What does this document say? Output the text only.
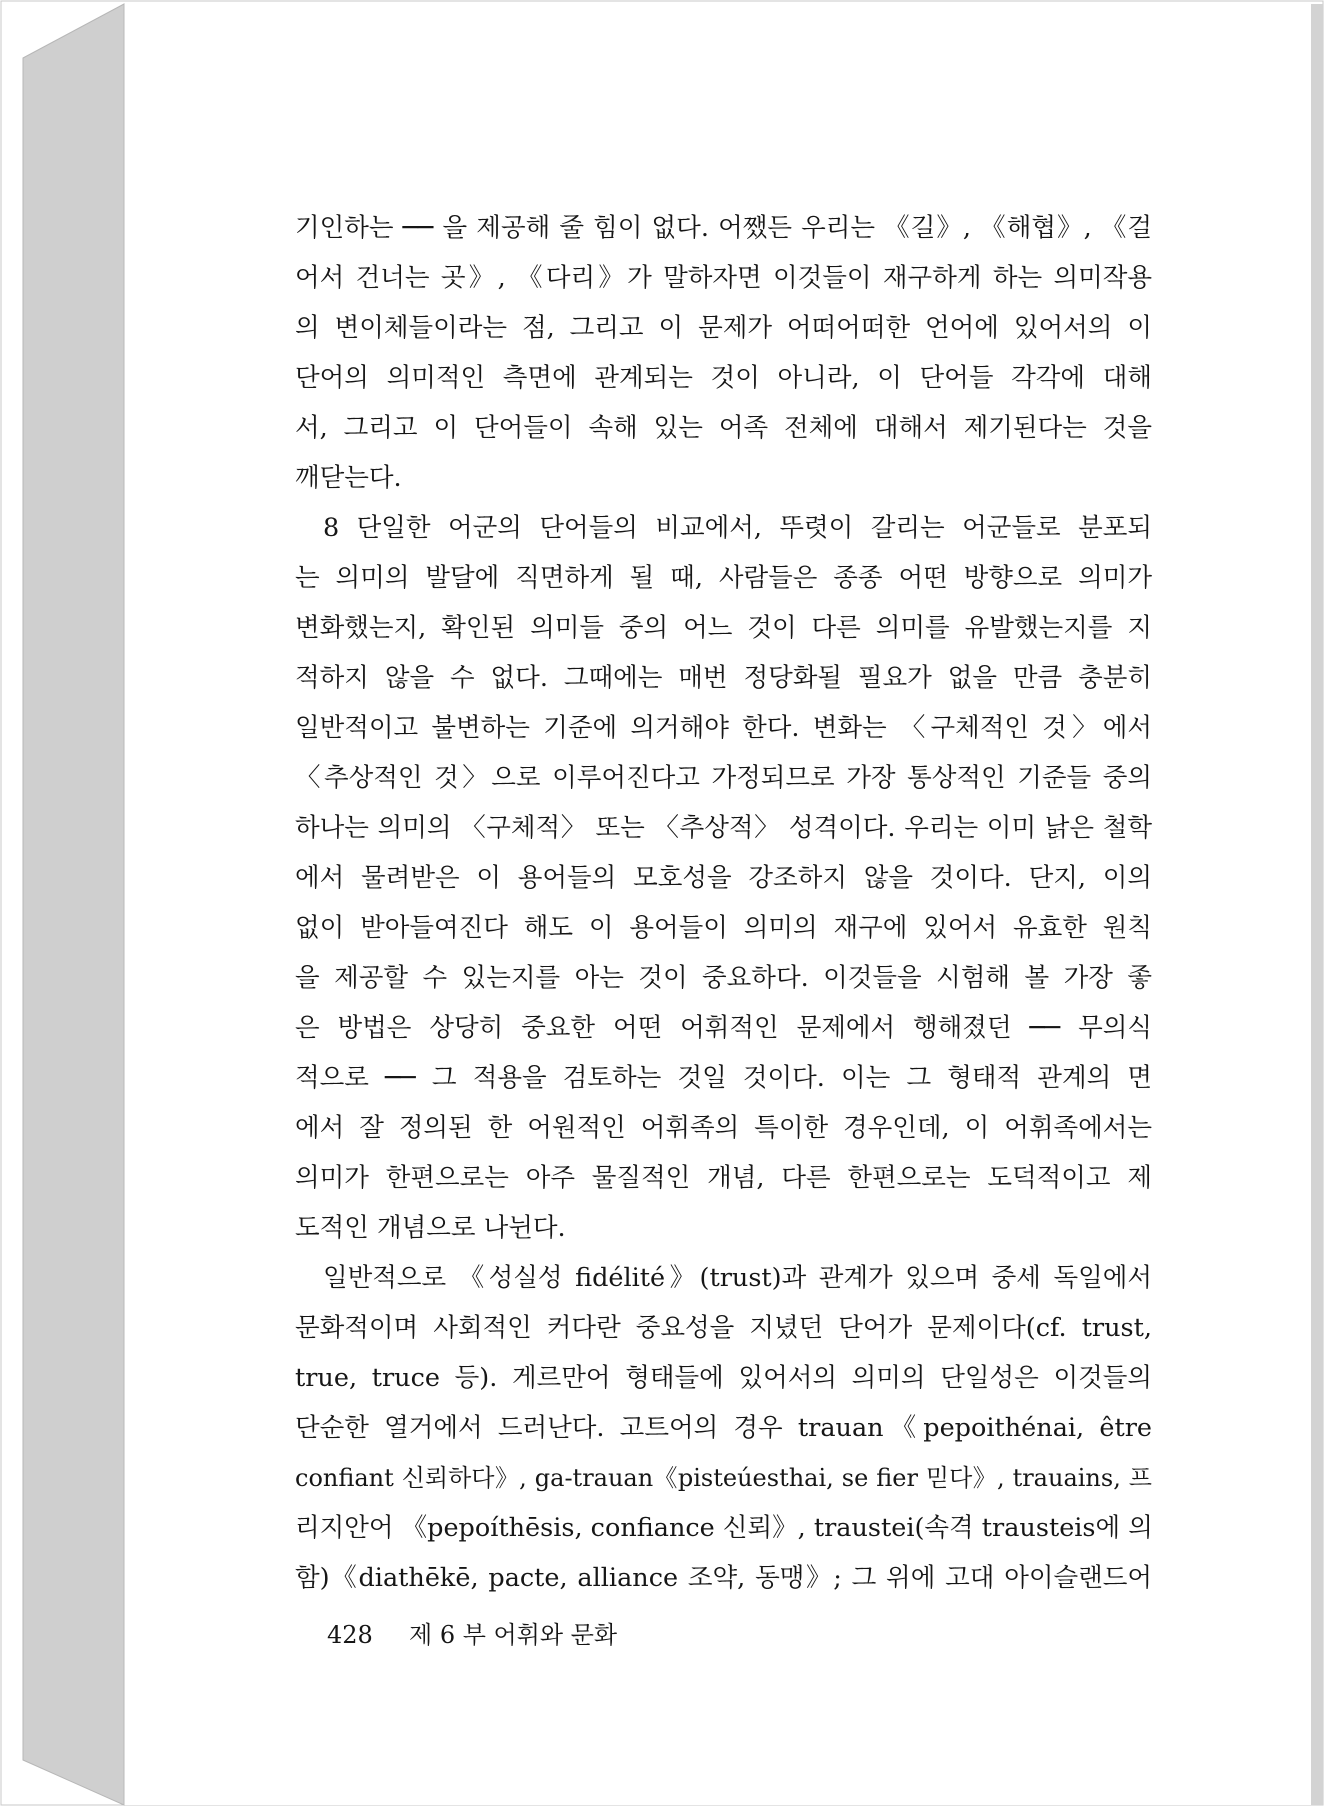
기인하는 ── 을 제공해 줄 힘이 없다. 어쨌든 우리는 《길》, 《해협》, 《걸
어서 건너는 곳》, 《다리》가 말하자면 이것들이 재구하게 하는 의미작용
의 변이체들이라는 점, 그리고 이 문제가 어떠어떠한 언어에 있어서의 이
단어의 의미적인 측면에 관계되는 것이 아니라, 이 단어들 각각에 대해
서, 그리고 이 단어들이 속해 있는 어족 전체에 대해서 제기된다는 것을
깨닫는다.
8 단일한 어군의 단어들의 비교에서, 뚜렷이 갈리는 어군들로 분포되
는 의미의 발달에 직면하게 될 때, 사람들은 종종 어떤 방향으로 의미가
변화했는지, 확인된 의미들 중의 어느 것이 다른 의미를 유발했는지를 지
적하지 않을 수 없다. 그때에는 매번 정당화될 필요가 없을 만큼 충분히
일반적이고 불변하는 기준에 의거해야 한다. 변화는 〈구체적인 것〉에서
〈추상적인 것〉으로 이루어진다고 가정되므로 가장 통상적인 기준들 중의
하나는 의미의 〈구체적〉 또는 〈추상적〉 성격이다. 우리는 이미 낡은 철학
에서 물려받은 이 용어들의 모호성을 강조하지 않을 것이다. 단지, 이의
없이 받아들여진다 해도 이 용어들이 의미의 재구에 있어서 유효한 원칙
을 제공할 수 있는지를 아는 것이 중요하다. 이것들을 시험해 볼 가장 좋
은 방법은 상당히 중요한 어떤 어휘적인 문제에서 행해졌던 ── 무의식
적으로 ── 그 적용을 검토하는 것일 것이다. 이는 그 형태적 관계의 면
에서 잘 정의된 한 어원적인 어휘족의 특이한 경우인데, 이 어휘족에서는
의미가 한편으로는 아주 물질적인 개념, 다른 한편으로는 도덕적이고 제
도적인 개념으로 나뉜다.
일반적으로 《성실성 fidélité》(trust)과 관계가 있으며 중세 독일에서
문화적이며 사회적인 커다란 중요성을 지녔던 단어가 문제이다(cf. trust,
true, truce 등). 게르만어 형태들에 있어서의 의미의 단일성은 이것들의
단순한 열거에서 드러난다. 고트어의 경우 trauan《pepoithénai, être
confiant 신뢰하다》, ga-trauan《pisteúesthai, se fier 믿다》, trauains, 프
리지안어 《pepoíthēsis, confiance 신뢰》, traustei(속격 trausteis에 의
함)《diathēkē, pacte, alliance 조약, 동맹》; 그 위에 고대 아이슬랜드어
428 제 6 부 어휘와 문화
